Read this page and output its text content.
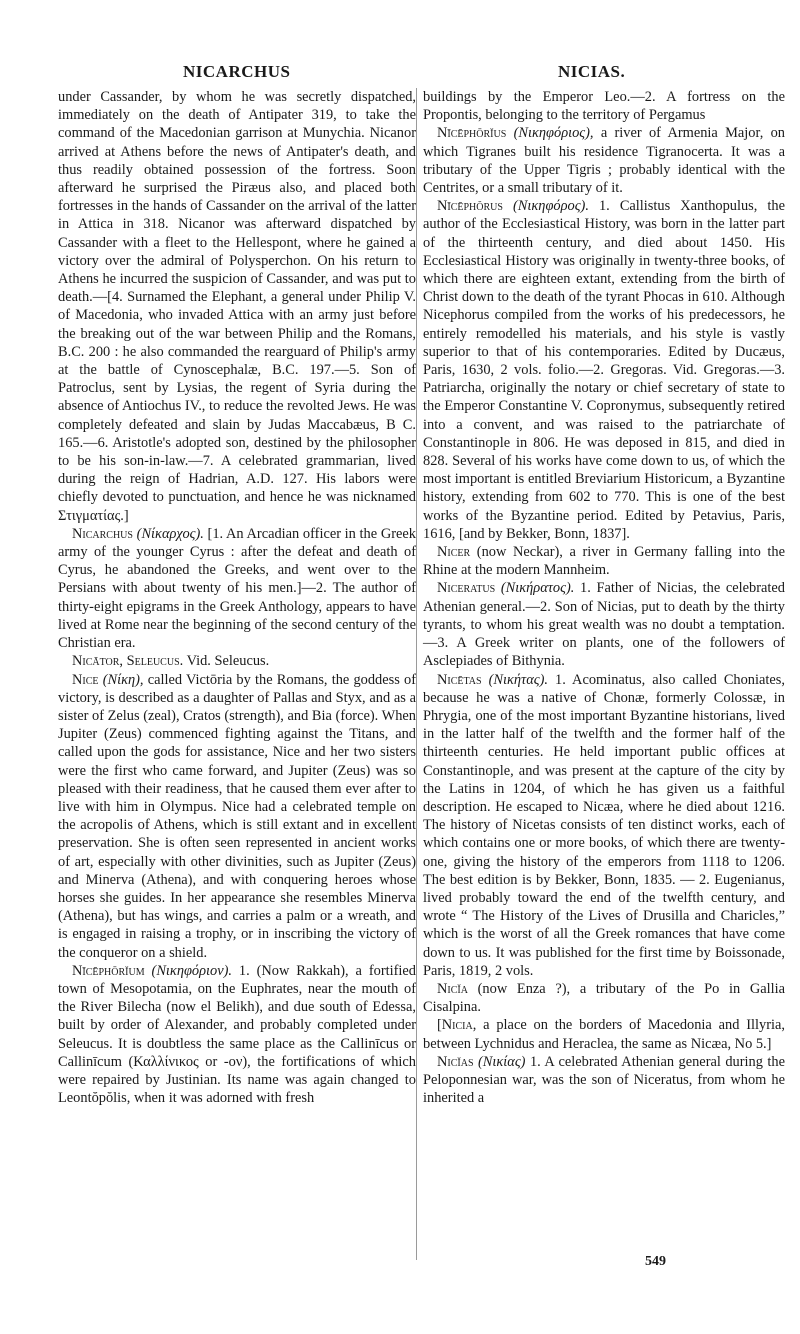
NICARCHUS	NICIAS.

under Cassander, by whom he was secretly dispatched, immediately on the death of Antipater 319, to take the command of the Macedonian garrison at Munychia. Nicanor arrived at Athens before the news of Antipater's death, and thus readily obtained possession of the fortress. Soon afterward he surprised the Piræus also, and placed both fortresses in the hands of Cassander on the arrival of the latter in Attica in 318. Nicanor was afterward dispatched by Cassander with a fleet to the Hellespont, where he gained a victory over the admiral of Polysperchon. On his return to Athens he incurred the suspicion of Cassander, and was put to death.—[4. Surnamed the Elephant, a general under Philip V. of Macedonia, who invaded Attica with an army just before the breaking out of the war between Philip and the Romans, B.C. 200 : he also commanded the rearguard of Philip's army at the battle of Cynoscephalæ, B.C. 197.—5. Son of Patroclus, sent by Lysias, the regent of Syria during the absence of Antiochus IV., to reduce the revolted Jews. He was completely defeated and slain by Judas Maccabæus, B C. 165.—6. Aristotle's adopted son, destined by the philosopher to be his son-in-law.—7. A celebrated grammarian, lived during the reign of Hadrian, A.D. 127. His labors were chiefly devoted to punctuation, and hence he was nicknamed Στιγματίας.]

Nicarchus (Νίκαρχος). [1. An Arcadian officer in the Greek army of the younger Cyrus : after the defeat and death of Cyrus, he abandoned the Greeks, and went over to the Persians with about twenty of his men.]—2. The author of thirty-eight epigrams in the Greek Anthology, appears to have lived at Rome near the beginning of the second century of the Christian era.

Nicātor, Seleucus. Vid. Seleucus.

Nice (Νίκη), called Victōria by the Romans, the goddess of victory, is described as a daughter of Pallas and Styx, and as a sister of Zelus (zeal), Cratos (strength), and Bia (force). When Jupiter (Zeus) commenced fighting against the Titans, and called upon the gods for assistance, Nice and her two sisters were the first who came forward, and Jupiter (Zeus) was so pleased with their readiness, that he caused them ever after to live with him in Olympus. Nice had a celebrated temple on the acropolis of Athens, which is still extant and in excellent preservation. She is often seen represented in ancient works of art, especially with other divinities, such as Jupiter (Zeus) and Minerva (Athena), and with conquering heroes whose horses she guides. In her appearance she resembles Minerva (Athena), but has wings, and carries a palm or a wreath, and is engaged in raising a trophy, or in inscribing the victory of the conqueror on a shield.

Nīcēphōrĭum (Νικηφόριον). 1. (Now Rakkah), a fortified town of Mesopotamia, on the Euphrates, near the mouth of the River Bilecha (now el Belikh), and due south of Edessa, built by order of Alexander, and probably completed under Seleucus. It is doubtless the same place as the Callinīcus or Callinīcum (Καλλίνικος or -ον), the fortifications of which were repaired by Justinian. Its name was again changed to Leontŏpŏlis, when it was adorned with fresh

buildings by the Emperor Leo.—2. A fortress on the Propontis, belonging to the territory of Pergamus

Nīcēphōrĭus (Νικηφόριος), a river of Armenia Major, on which Tigranes built his residence Tigranocerta. It was a tributary of the Upper Tigris ; probably identical with the Centrites, or a small tributary of it.

Nīcēphŏrus (Νικηφόρος). 1. Callistus Xanthopulus, the author of the Ecclesiastical History, was born in the latter part of the thirteenth century, and died about 1450. His Ecclesiastical History was originally in twenty-three books, of which there are eighteen extant, extending from the birth of Christ down to the death of the tyrant Phocas in 610. Although Nicephorus compiled from the works of his predecessors, he entirely remodelled his materials, and his style is vastly superior to that of his contemporaries. Edited by Ducæus, Paris, 1630, 2 vols. folio.—2. Gregoras. Vid. Gregoras.—3. Patriarcha, originally the notary or chief secretary of state to the Emperor Constantine V. Copronymus, subsequently retired into a convent, and was raised to the patriarchate of Constantinople in 806. He was deposed in 815, and died in 828. Several of his works have come down to us, of which the most important is entitled Breviarium Historicum, a Byzantine history, extending from 602 to 770. This is one of the best works of the Byzantine period. Edited by Petavius, Paris, 1616, [and by Bekker, Bonn, 1837].

Nicer (now Neckar), a river in Germany falling into the Rhine at the modern Mannheim.

Niceratus (Νικήρατος). 1. Father of Nicias, the celebrated Athenian general.—2. Son of Nicias, put to death by the thirty tyrants, to whom his great wealth was no doubt a temptation.—3. A Greek writer on plants, one of the followers of Asclepiades of Bithynia.

Nicētas (Νικήτας). 1. Acominatus, also called Choniates, because he was a native of Chonæ, formerly Colossæ, in Phrygia, one of the most important Byzantine historians, lived in the latter half of the twelfth and the former half of the thirteenth centuries. He held important public offices at Constantinople, and was present at the capture of the city by the Latins in 1204, of which he has given us a faithful description. He escaped to Nicæa, where he died about 1216. The history of Nicetas consists of ten distinct works, each of which contains one or more books, of which there are twenty-one, giving the history of the emperors from 1118 to 1206. The best edition is by Bekker, Bonn, 1835. — 2. Eugenianus, lived probably toward the end of the twelfth century, and wrote “ The History of the Lives of Drusilla and Charicles,” which is the worst of all the Greek romances that have come down to us. It was published for the first time by Boissonade, Paris, 1819, 2 vols.

Nicĭa (now Enza ?), a tributary of the Po in Gallia Cisalpina.

[Nicia, a place on the borders of Macedonia and Illyria, between Lychnidus and Heraclea, the same as Nicæa, No 5.]

Nicĭas (Νικίας) 1. A celebrated Athenian general during the Peloponnesian war, was the son of Niceratus, from whom he inherited a

549
